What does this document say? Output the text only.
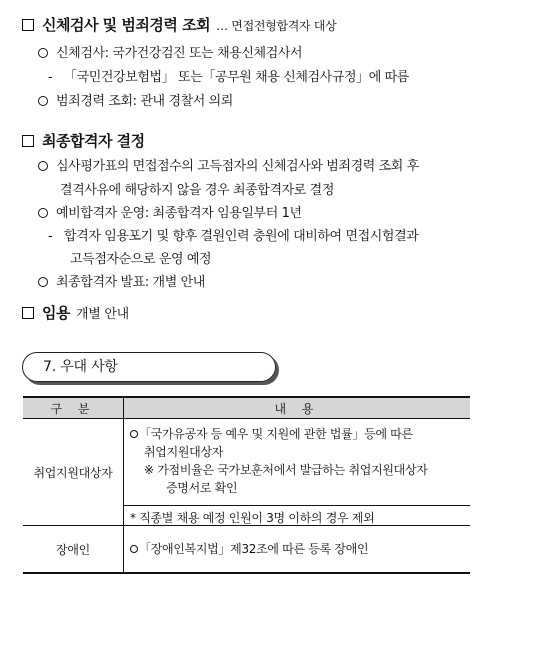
신체검사 및 범죄경력 조회 … 면접전형합격자 대상
신체검사: 국가건강검진 또는 채용신체검사서
- 「국민건강보험법」 또는「공무원 채용 신체검사규정」에 따름
범죄경력 조회: 관내 경찰서 의뢰
최종합격자 결정
심사평가표의 면접점수의 고득점자의 신체검사와 범죄경력 조회 후
결격사유에 해당하지 않을 경우 최종합격자로 결정
예비합격자 운영: 최종합격자 임용일부터 1년
- 합격자 임용포기 및 향후 결원인력 충원에 대비하여 면접시험결과
고득점자순으로 운영 예정
최종합격자 발표: 개별 안내
임용 개별 안내
7. 우대 사항
구 분	내 용
취업지원대상자	「국가유공자 등 예우 및 지원에 관한 법률」등에 따른
취업지원대상자
※ 가점비율은 국가보훈처에서 발급하는 취업지원대상자
증명서로 확인
* 직종별 채용 예정 인원이 3명 이하의 경우 제외

장애인	「장애인복지법」제32조에 따른 등록 장애인
